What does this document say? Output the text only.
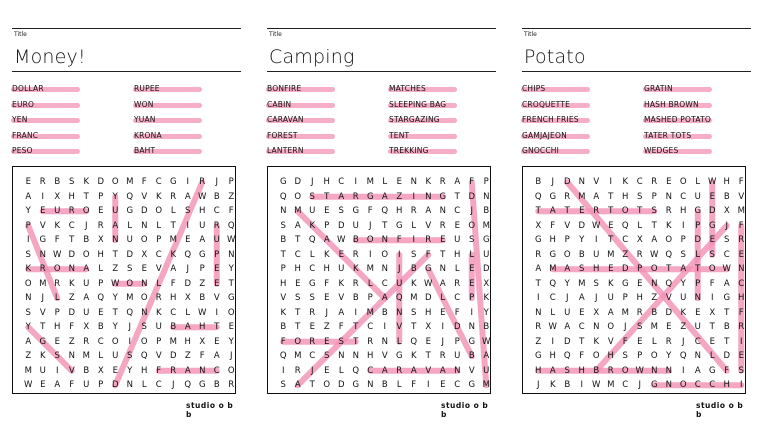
Title
Money!
DOLLAR
EURO
YEN
FRANC
PESO
RUPEE
WON
YUAN
KRONA
BAHT
E	R	B	S	K D O M F	C G	I	R	J	P
A	I	X H	T	P	Y	Q V	K	R	A W B	Z
Y	E	U R O E	U G D O	L	S	H C	F
P	V	K	C	J	R	A	L	N	L	T	I	U R Q
I	G	F	T	B	X N U O	P M E	A U W
S	N W D O H	T	D X	C	K Q G	P	N
K	R O N A	L	Z	S	E	V	A	J	P	E	Y
O M R	K	U	P W O N	L	F	D Z	E	T
N	J	L	Z	A Q	Y M O R H X	B	V G
S	V	P	D U	E	T	Q N	K	C	L W	I	O
Y	T	H	F	X	B	Y	J	S	U B	A H	T	E
A G	E	Z	R	C O	I	O	P M H X	E	Y
Z	K	S	N M L	U	S Q V D Z	F	A	J
M U	I	V	B	X	E	Y	H	F	R	A N C O
W E	A	F	U	P	D N	L	C	J	Q G B	R
studio o b b
Title
Camping
BONFIRE
CABIN
CARAVAN
FOREST
LANTERN
MATCHES
SLEEPING BAG
STARGAZING
TENT
TREKKING
G D	J	H C	I	M L	E	N	K	R	A	F	P
Q O S	T	A	R G A	Z	I	N G	T	D N
N M U	E	S	G	F	Q H R	A N C	J	B
S	A	K	P	D U	J	T	G	L	V	R	E O M
B	T	Q A W B O N	F	I	R	E	U	S	G
T	C	L	K	E	R	I	O	I	S	F	T	H	L	U
P	H C H U	K M N	J	B G N	L	E	D
H	E	G	F	K	R	L	C U	K W A	R	E	X
V	S	S	E	V	B	P	A Q M D	L	C	P	K
K	T	R	J	A	I	M B N	S	H	E	F	I	Y
B	T	E	Z	F	T	C	I	V	T	X	I	D N B
F	O R	E	S	T	R N	L	Q E	J	P	G W
Q M C	S	N N H V G K	T	R U B	A
I	R	J	E	L	Q C	A	R	A	V	A N V U
S	A	T	O D G N B	L	F	I	E	C G M
studio o b b
Title
Potato
CHIPS
CROQUETTE
FRENCH FRIES
GAMJAJEON
GNOCCHI
GRATIN
HASH BROWN
MASHED POTATO
TATER TOTS
WEDGES
B	J	D N V	I	K	C	R	E O	L W H	F
Q G R M A	T	H	S	P	N C U	E	B	V
T	A	T	E	R	T	O	T	S	R H G D X M
X	F	V D W E Q	L	T	K	I	P	G	J	F
G H	P	Y	I	T	C	X	A O	P	D	E	S	R
R G O B U M Z	R W Q S	L	S	C	E
A M A	S	H	E	D	P	O	T	A	T	O W N
T	Q	Y M S	K G	E	N Q	Y	P	F	A	C
I	C	J	A	J	U	P	H Z	V U N	I	G H
N	L	U	E	X	A M R	B D K	E	X	T	F
R W A	C N O	J	S M E	Z U	T	B	R
Z	I	D	T	K	V	F	E	L	R	J	C	E	T	I
G H Q	F	O H	S	P	O	Y	Q N	L	D	E
H A	S	H B	R O W N N	I	A G	F	S
J	K	B	I	W M C	J	G N O C	C H	I
studio o b b
